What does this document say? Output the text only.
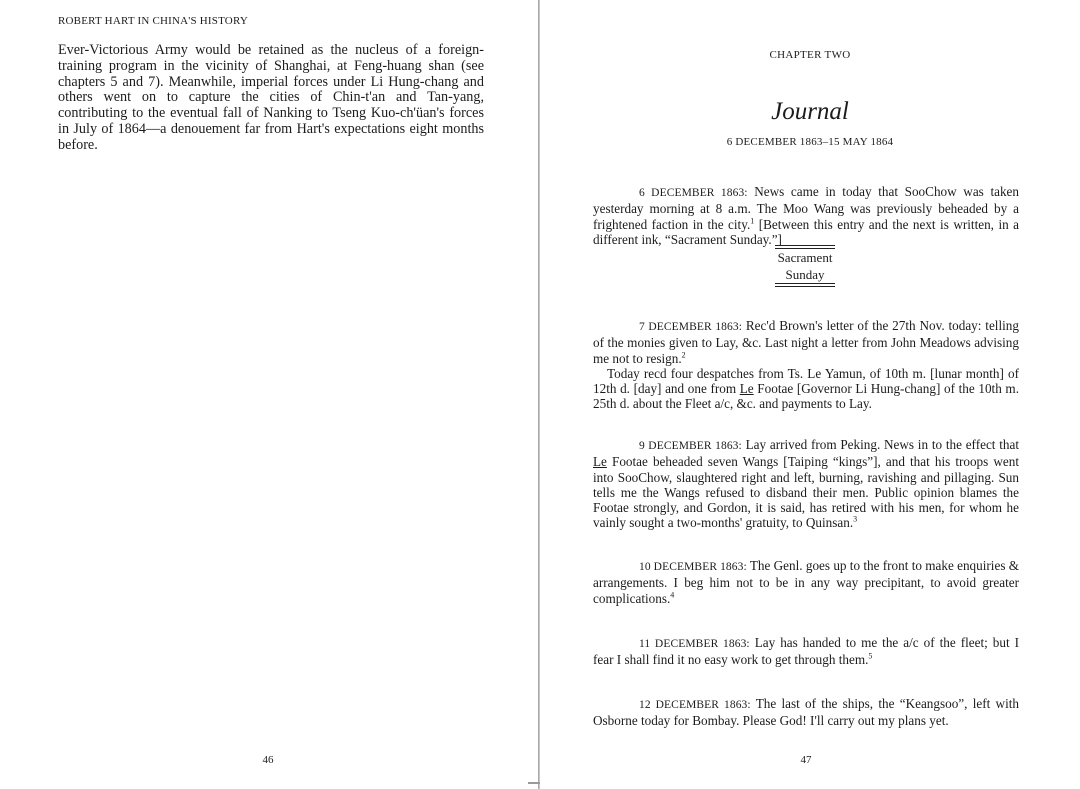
ROBERT HART IN CHINA'S HISTORY
Ever-Victorious Army would be retained as the nucleus of a foreign-training program in the vicinity of Shanghai, at Feng-huang shan (see chapters 5 and 7). Meanwhile, imperial forces under Li Hung-chang and others went on to capture the cities of Chin-t'an and Tan-yang, contributing to the eventual fall of Nanking to Tseng Kuo-ch'üan's forces in July of 1864—a denouement far from Hart's expectations eight months before.
46
CHAPTER TWO
Journal
6 DECEMBER 1863–15 MAY 1864

6 DECEMBER 1863: News came in today that SooChow was taken yesterday morning at 8 a.m. The Moo Wang was previously beheaded by a frightened faction in the city.$^1$ [Between this entry and the next is written, in a different ink, “Sacrament Sunday.”]

Sacrament
Sunday

7 DECEMBER 1863: Rec'd Brown's letter of the 27th Nov. today: telling of the monies given to Lay, &c. Last night a letter from John Meadows advising me not to resign.$^2$

Today recd four despatches from Ts. Le Yamun, of 10th m. [lunar month] of 12th d. [day] and one from Le Footae [Governor Li Hung-chang] of the 10th m. 25th d. about the Fleet a/c, &c. and payments to Lay.

9 DECEMBER 1863: Lay arrived from Peking. News in to the effect that Le Footae beheaded seven Wangs [Taiping “kings”], and that his troops went into SooChow, slaughtered right and left, burning, ravishing and pillaging. Sun tells me the Wangs refused to disband their men. Public opinion blames the Footae strongly, and Gordon, it is said, has retired with his men, for whom he vainly sought a two-months' gratuity, to Quinsan.$^3$

10 DECEMBER 1863: The Genl. goes up to the front to make enquiries & arrangements. I beg him not to be in any way precipitant, to avoid greater complications.$^4$

11 DECEMBER 1863: Lay has handed to me the a/c of the fleet; but I fear I shall find it no easy work to get through them.$^5$

12 DECEMBER 1863: The last of the ships, the “Keangsoo”, left with Osborne today for Bombay. Please God! I'll carry out my plans yet.

47
